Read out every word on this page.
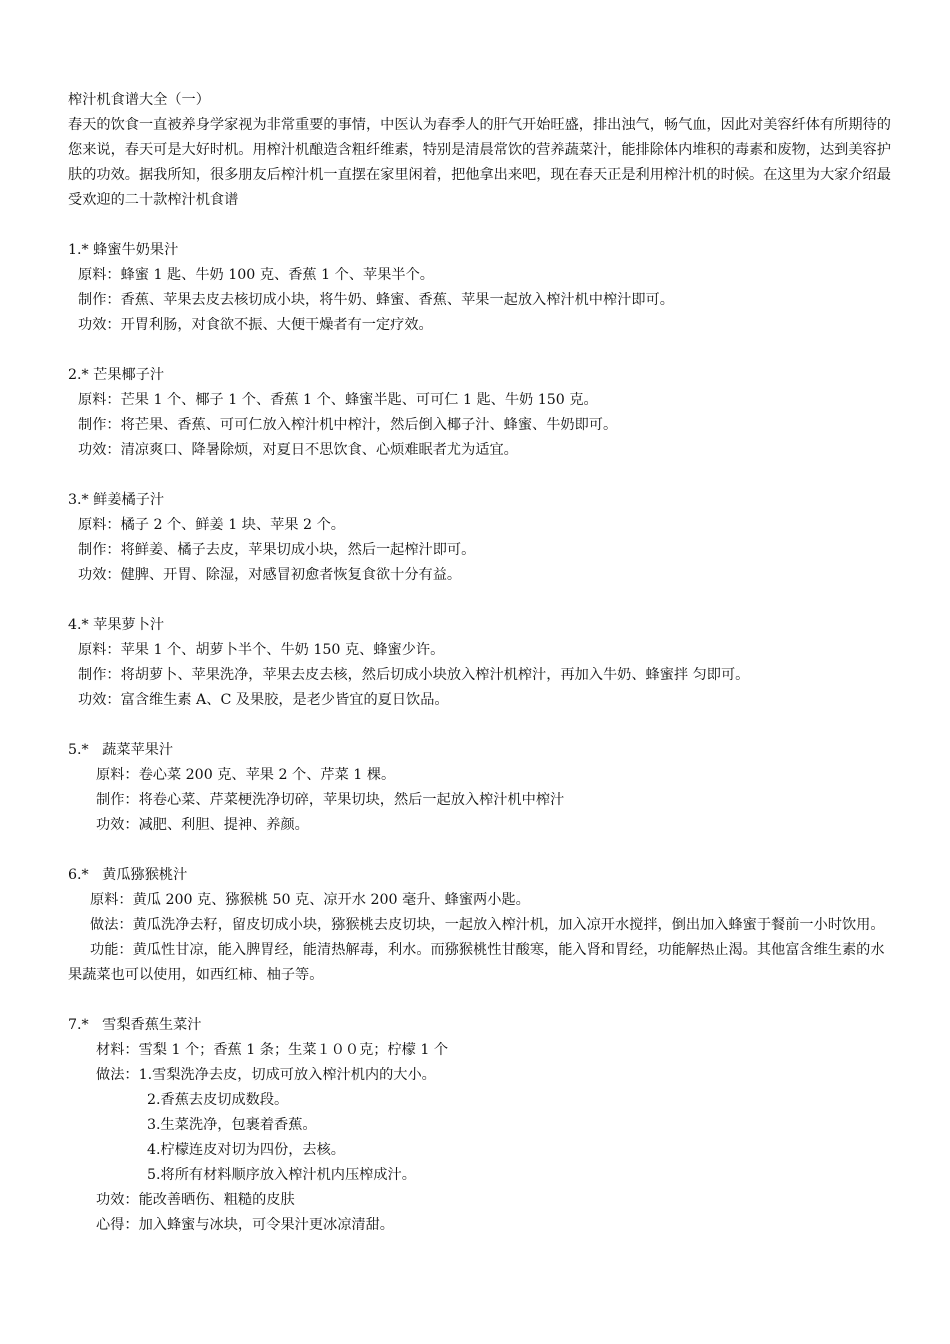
榨汁机食谱大全（一）

春天的饮食一直被养身学家视为非常重要的事情，中医认为春季人的肝气开始旺盛，排出浊气，畅气血，因此对美容纤体有所期待的您来说，春天可是大好时机。用榨汁机酿造含粗纤维素，特别是清晨常饮的营养蔬菜汁，能排除体内堆积的毒素和废物，达到美容护肤的功效。据我所知，很多朋友后榨汁机一直摆在家里闲着，把他拿出来吧，现在春天正是利用榨汁机的时候。在这里为大家介绍最受欢迎的二十款榨汁机食谱

1.* 蜂蜜牛奶果汁

原料：蜂蜜 1 匙、牛奶 100 克、香蕉 1 个、苹果半个。

制作：香蕉、苹果去皮去核切成小块，将牛奶、蜂蜜、香蕉、苹果一起放入榨汁机中榨汁即可。

功效：开胃利肠，对食欲不振、大便干燥者有一定疗效。

2.* 芒果椰子汁

原料：芒果 1 个、椰子 1 个、香蕉 1 个、蜂蜜半匙、可可仁 1 匙、牛奶 150 克。

制作：将芒果、香蕉、可可仁放入榨汁机中榨汁，然后倒入椰子汁、蜂蜜、牛奶即可。

功效：清凉爽口、降暑除烦，对夏日不思饮食、心烦难眠者尤为适宜。

3.* 鲜姜橘子汁

原料：橘子 2 个、鲜姜 1 块、苹果 2 个。

制作：将鲜姜、橘子去皮，苹果切成小块，然后一起榨汁即可。

功效：健脾、开胃、除湿，对感冒初愈者恢复食欲十分有益。

4.* 苹果萝卜汁

原料：苹果 1 个、胡萝卜半个、牛奶 150 克、蜂蜜少许。

制作：将胡萝卜、苹果洗净，苹果去皮去核，然后切成小块放入榨汁机榨汁，再加入牛奶、蜂蜜拌 匀即可。

功效：富含维生素 A、C 及果胶，是老少皆宜的夏日饮品。

5.*   蔬菜苹果汁

原料：卷心菜 200 克、苹果 2 个、芹菜 1 棵。

制作：将卷心菜、芹菜梗洗净切碎，苹果切块，然后一起放入榨汁机中榨汁

功效：减肥、利胆、提神、养颜。

6.*   黄瓜猕猴桃汁

原料：黄瓜 200 克、猕猴桃 50 克、凉开水 200 毫升、蜂蜜两小匙。

做法：黄瓜洗净去籽，留皮切成小块，猕猴桃去皮切块，一起放入榨汁机，加入凉开水搅拌，倒出加入蜂蜜于餐前一小时饮用。

功能：黄瓜性甘凉，能入脾胃经，能清热解毒，利水。而猕猴桃性甘酸寒，能入肾和胃经，功能解热止渴。其他富含维生素的水果蔬菜也可以使用，如西红柿、柚子等。

7.*   雪梨香蕉生菜汁

材料：雪梨 1 个；香蕉 1 条；生菜１００克；柠檬 1 个

做法：1.雪梨洗净去皮，切成可放入榨汁机内的大小。

2.香蕉去皮切成数段。

3.生菜洗净，包裹着香蕉。

4.柠檬连皮对切为四份，去核。

5.将所有材料顺序放入榨汁机内压榨成汁。

功效：能改善晒伤、粗糙的皮肤

心得：加入蜂蜜与冰块，可令果汁更冰凉清甜。
